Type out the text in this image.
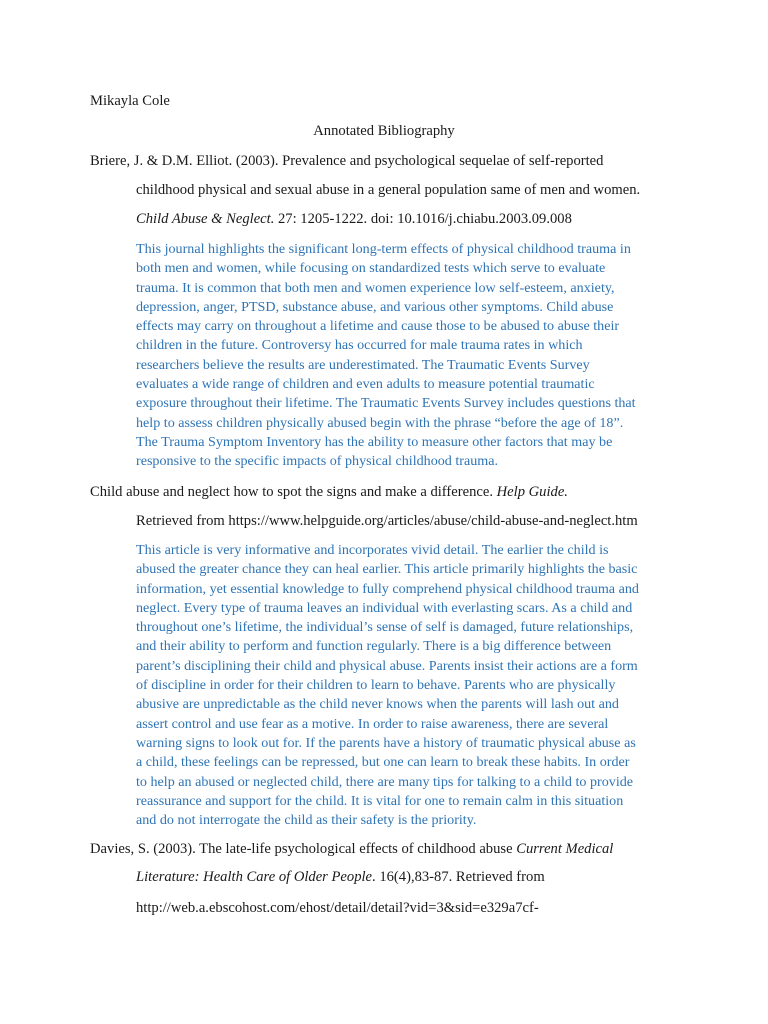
Mikayla Cole
Annotated Bibliography
Briere, J. & D.M. Elliot. (2003). Prevalence and psychological sequelae of self-reported
childhood physical and sexual abuse in a general population same of men and women.
Child Abuse & Neglect. 27: 1205-1222. doi: 10.1016/j.chiabu.2003.09.008

This journal highlights the significant long-term effects of physical childhood trauma in

both men and women, while focusing on standardized tests which serve to evaluate

trauma. It is common that both men and women experience low self-esteem, anxiety,

depression, anger, PTSD, substance abuse, and various other symptoms. Child abuse

effects may carry on throughout a lifetime and cause those to be abused to abuse their

children in the future. Controversy has occurred for male trauma rates in which

researchers believe the results are underestimated. The Traumatic Events Survey

evaluates a wide range of children and even adults to measure potential traumatic

exposure throughout their lifetime. The Traumatic Events Survey includes questions that

help to assess children physically abused begin with the phrase “before the age of 18”.

The Trauma Symptom Inventory has the ability to measure other factors that may be

responsive to the specific impacts of physical childhood trauma.

Child abuse and neglect how to spot the signs and make a difference. Help Guide.
Retrieved from https://www.helpguide.org/articles/abuse/child-abuse-and-neglect.htm

This article is very informative and incorporates vivid detail. The earlier the child is

abused the greater chance they can heal earlier. This article primarily highlights the basic

information, yet essential knowledge to fully comprehend physical childhood trauma and

neglect. Every type of trauma leaves an individual with everlasting scars. As a child and

throughout one’s lifetime, the individual’s sense of self is damaged, future relationships,

and their ability to perform and function regularly. There is a big difference between

parent’s disciplining their child and physical abuse. Parents insist their actions are a form

of discipline in order for their children to learn to behave. Parents who are physically

abusive are unpredictable as the child never knows when the parents will lash out and

assert control and use fear as a motive. In order to raise awareness, there are several

warning signs to look out for. If the parents have a history of traumatic physical abuse as

a child, these feelings can be repressed, but one can learn to break these habits. In order

to help an abused or neglected child, there are many tips for talking to a child to provide

reassurance and support for the child. It is vital for one to remain calm in this situation

and do not interrogate the child as their safety is the priority.

Davies, S. (2003). The late-life psychological effects of childhood abuse Current Medical
Literature: Health Care of Older People. 16(4),83-87. Retrieved from
http://web.a.ebscohost.com/ehost/detail/detail?vid=3&sid=e329a7cf-
